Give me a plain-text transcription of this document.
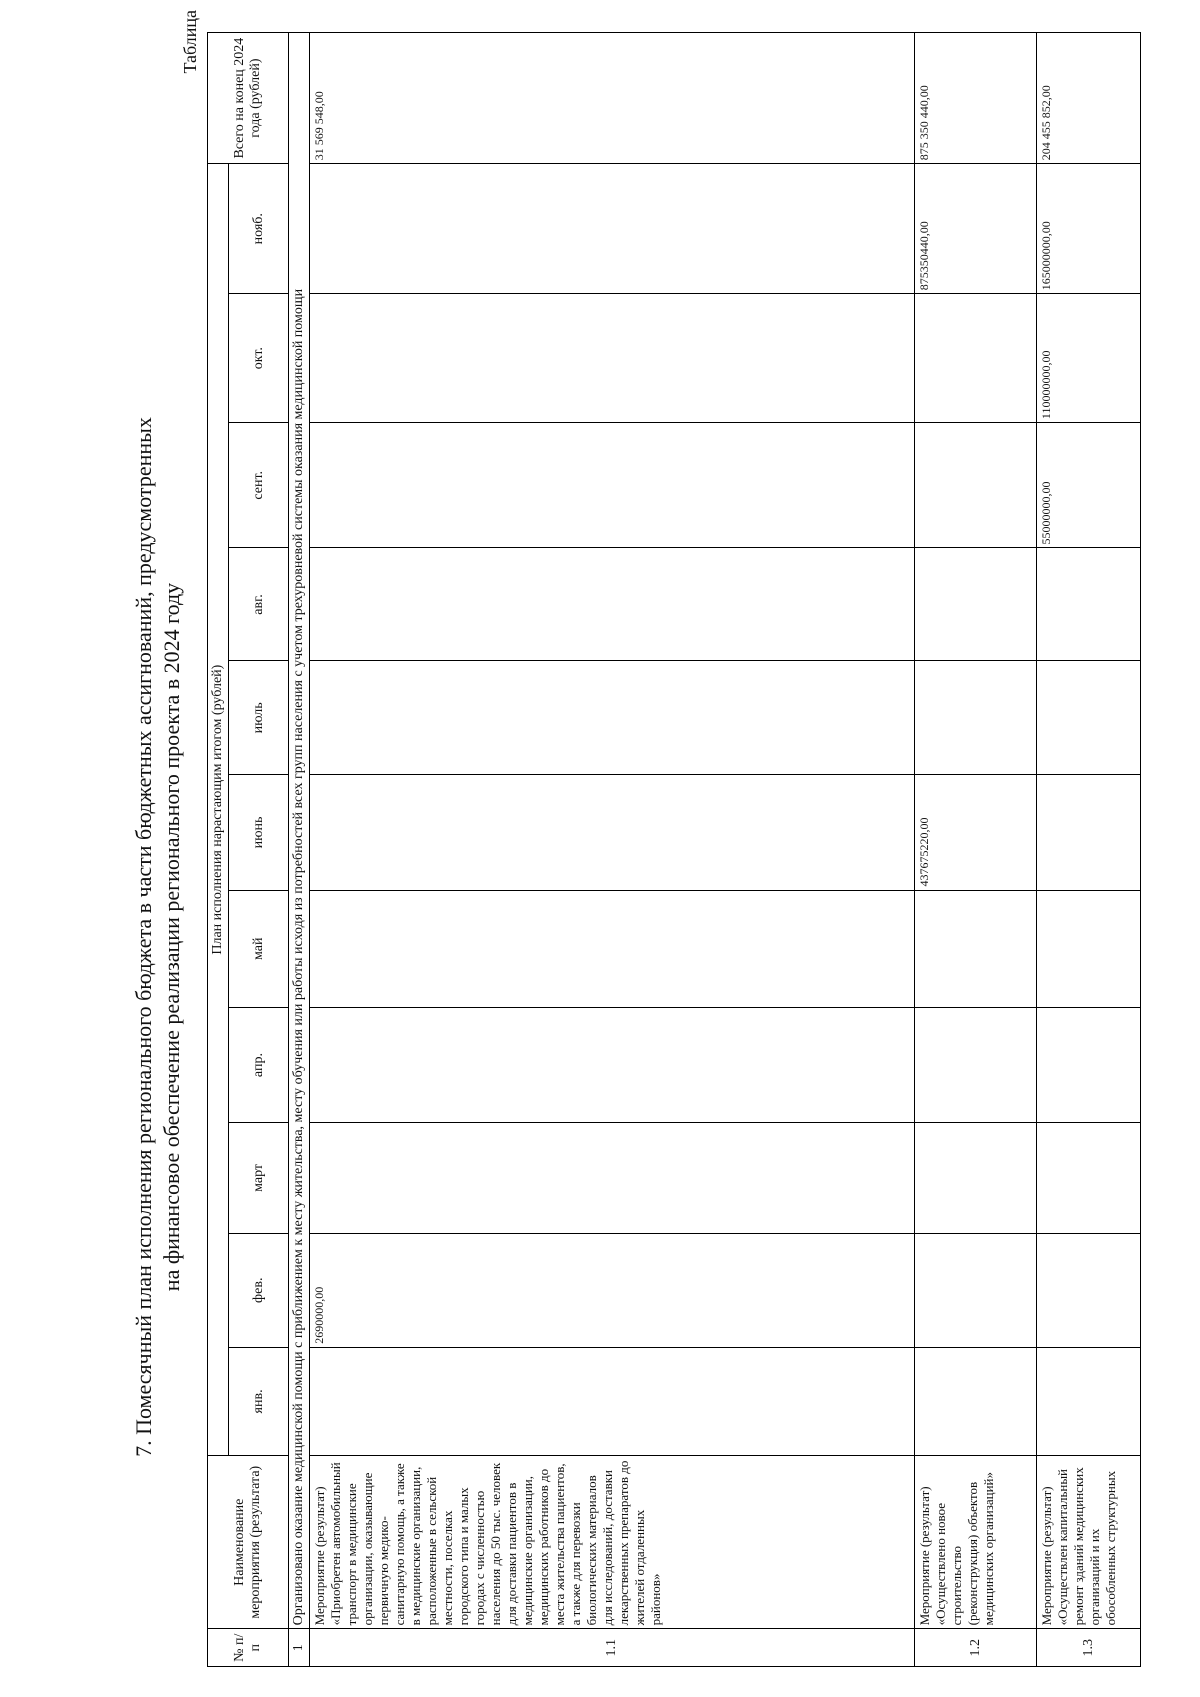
7. Помесячный план исполнения регионального бюджета в части бюджетных ассигнований, предусмотренных на финансовое обеспечение реализации регионального проекта в 2024 году
Таблица
№ п/п	Наименование мероприятия (результата)	План исполнения нарастающим итогом (рублей)											Всего на конец 2024 года (рублей)
		янв.	фев.	март	апр.	май	июнь	июль	авг.	сент.	окт.	нояб.	
1	Организовано оказание медицинской помощи с приближением к месту жительства, месту обучения или работы исходя из потребностей всех групп населения с учетом трехуровневой системы оказания медицинской помощи												
1.1	Мероприятие (результат) «Приобретен автомобильный транспорт в медицинские организации, оказывающие первичную медико-санитарную помощь, а также в медицинские организации, расположенные в сельской местности, поселках городского типа и малых городах с численностью населения до 50 тыс. человек для доставки пациентов в медицинские организации, медицинских работников до места жительства пациентов, а также для перевозки биологических материалов для исследований, доставки лекарственных препаратов до жителей отдаленных районов»		2690000,00										31 569 548,00
1.2	Мероприятие (результат) «Осуществлено новое строительство (реконструкция) объектов медицинских организаций»						437675220,00					875350440,00	875 350 440,00
1.3	Мероприятие (результат) «Осуществлен капитальный ремонт зданий медицинских организаций и их обособленных структурных									55000000,00	110000000,00	165000000,00	204 455 852,00
